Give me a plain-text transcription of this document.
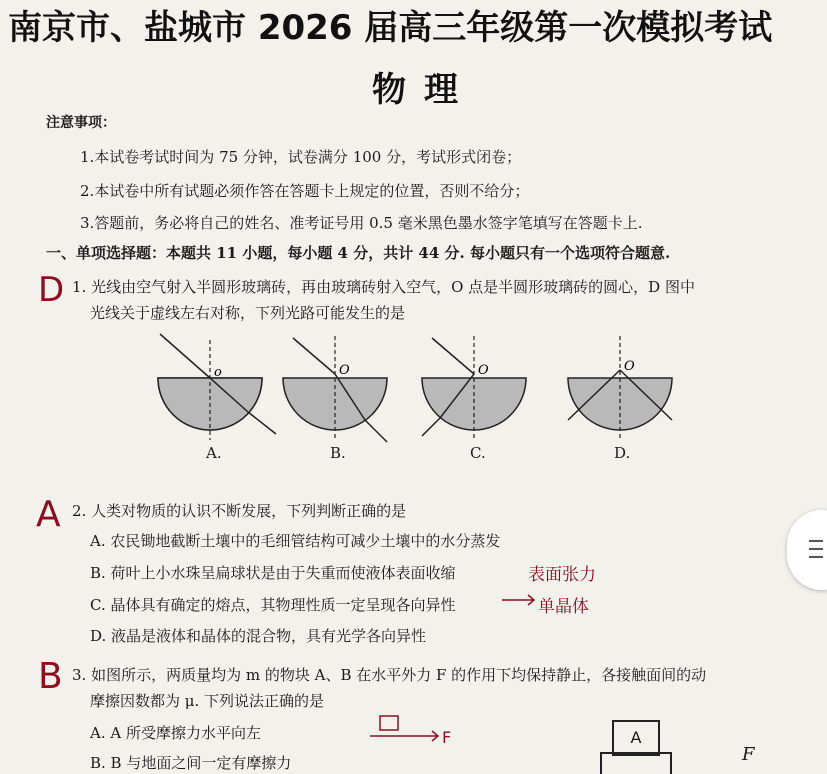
南京市、盐城市 2026 届高三年级第一次模拟考试
物理
注意事项：
1.本试卷考试时间为 75 分钟，试卷满分 100 分，考试形式闭卷；
2.本试卷中所有试题必须作答在答题卡上规定的位置，否则不给分；
3.答题前，务必将自己的姓名、准考证号用 0.5 毫米黑色墨水签字笔填写在答题卡上.
一、单项选择题：本题共 11 小题，每小题 4 分，共计 44 分. 每小题只有一个选项符合题意.
D 1. 光线由空气射入半圆形玻璃砖，再由玻璃砖射入空气，O 点是半圆形玻璃砖的圆心，D 图中
光线关于虚线左右对称，下列光路可能发生的是
o	O	O	O
A.	B.	C.	D.
A 2. 人类对物质的认识不断发展，下列判断正确的是
A. 农民锄地截断土壤中的毛细管结构可减少土壤中的水分蒸发
B. 荷叶上小水珠呈扁球状是由于失重而使液体表面收缩
C. 晶体具有确定的熔点，其物理性质一定呈现各向异性
D. 液晶是液体和晶体的混合物，具有光学各向异性
表面张力
单晶体
B 3. 如图所示，两质量均为 m 的物块 A、B 在水平外力 F 的作用下均保持静止，各接触面间的动
摩擦因数都为 μ. 下列说法正确的是
A. A 所受摩擦力水平向左
B. B 与地面之间一定有摩擦力
F	A
F
